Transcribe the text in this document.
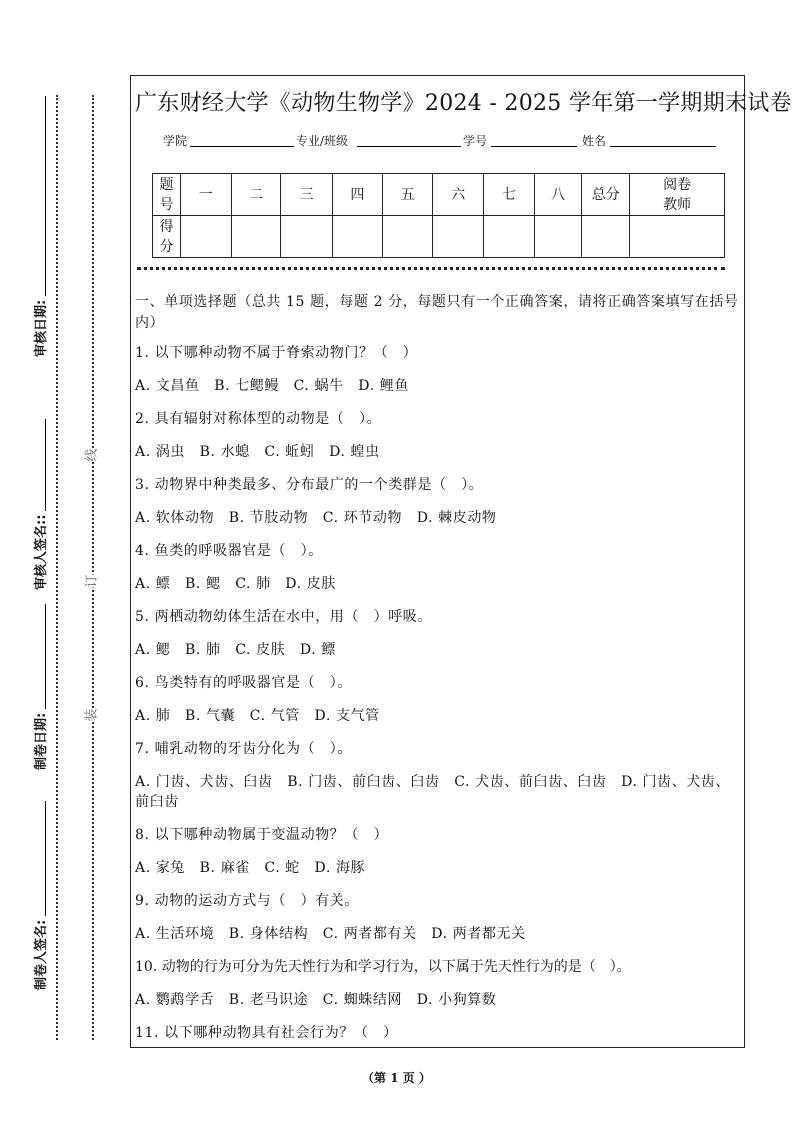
线
订
装
审核日期:
审核人签名::
制卷日期:
制卷人签名:
广东财经大学《动物生物学》2024 - 2025 学年第一学期期末试卷
学院	专业/班级	学号	姓名
题号	一	二	三	四	五	六	七	八	总分	阅卷教师
得分										

一、单项选择题（总共 15 题，每题 2 分，每题只有一个正确答案，请将正确答案填写在括号内）

1. 以下哪种动物不属于脊索动物门？（　）

A. 文昌鱼　B. 七鳃鳗　C. 蜗牛　D. 鲤鱼

2. 具有辐射对称体型的动物是（　）。

A. 涡虫　B. 水螅　C. 蚯蚓　D. 蝗虫

3. 动物界中种类最多、分布最广的一个类群是（　）。

A. 软体动物　B. 节肢动物　C. 环节动物　D. 棘皮动物

4. 鱼类的呼吸器官是（　）。

A. 鳔　B. 鳃　C. 肺　D. 皮肤

5. 两栖动物幼体生活在水中，用（　）呼吸。

A. 鳃　B. 肺　C. 皮肤　D. 鳔

6. 鸟类特有的呼吸器官是（　）。

A. 肺　B. 气囊　C. 气管　D. 支气管

7. 哺乳动物的牙齿分化为（　）。

A. 门齿、犬齿、臼齿　B. 门齿、前臼齿、臼齿　C. 犬齿、前臼齿、臼齿　D. 门齿、犬齿、前臼齿

8. 以下哪种动物属于变温动物？（　）

A. 家兔　B. 麻雀　C. 蛇　D. 海豚

9. 动物的运动方式与（　）有关。

A. 生活环境　B. 身体结构　C. 两者都有关　D. 两者都无关

10. 动物的行为可分为先天性行为和学习行为，以下属于先天性行为的是（　）。

A. 鹦鹉学舌　B. 老马识途　C. 蜘蛛结网　D. 小狗算数

11. 以下哪种动物具有社会行为？（　）

（第 1 页 ）
